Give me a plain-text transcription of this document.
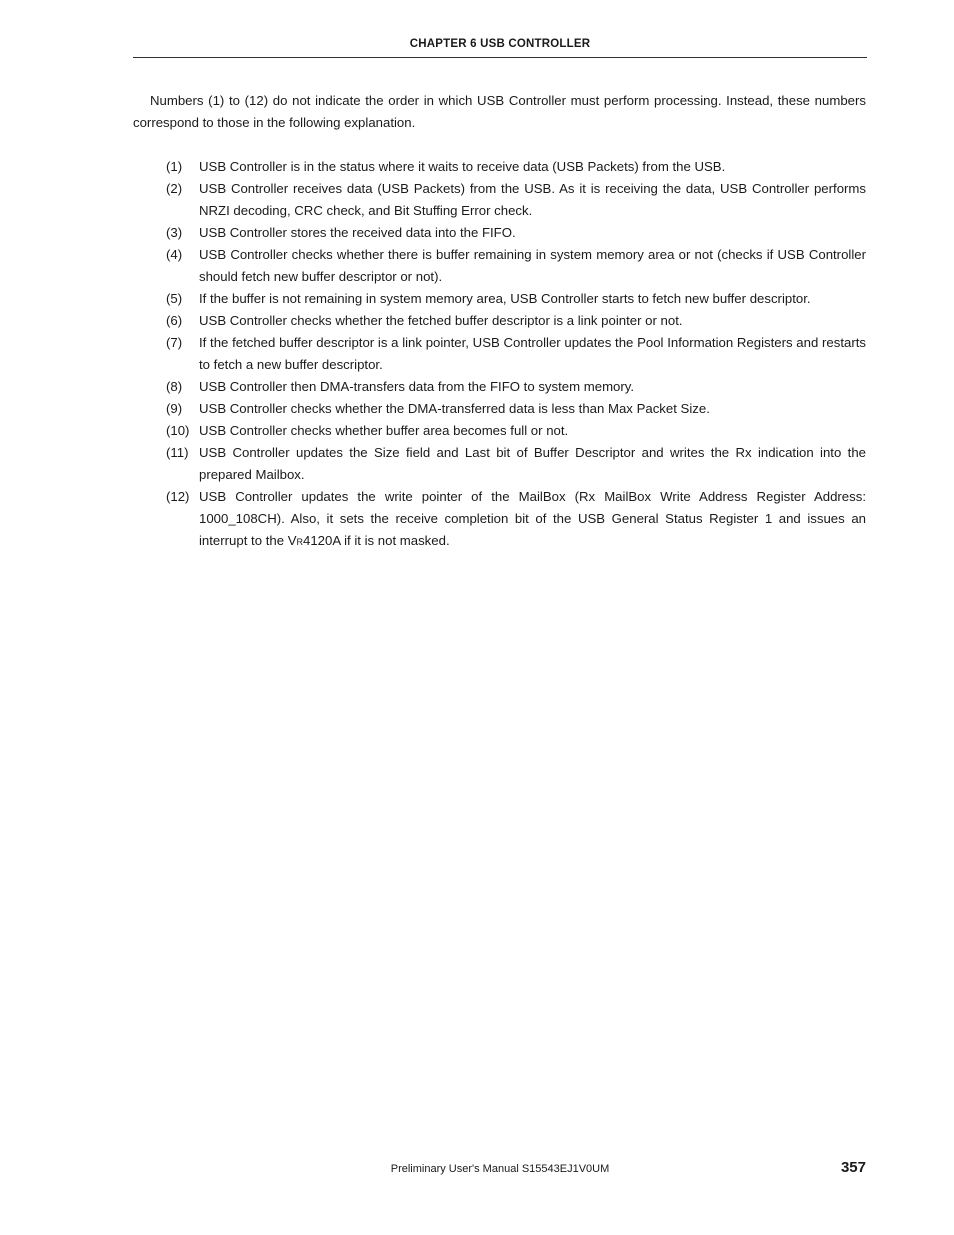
CHAPTER 6 USB CONTROLLER

Numbers (1) to (12) do not indicate the order in which USB Controller must perform processing. Instead, these numbers correspond to those in the following explanation.

(1)	USB Controller is in the status where it waits to receive data (USB Packets) from the USB.
(2)	USB Controller receives data (USB Packets) from the USB. As it is receiving the data, USB Controller performs NRZI decoding, CRC check, and Bit Stuffing Error check.
(3)	USB Controller stores the received data into the FIFO.
(4)	USB Controller checks whether there is buffer remaining in system memory area or not (checks if USB Controller should fetch new buffer descriptor or not).
(5)	If the buffer is not remaining in system memory area, USB Controller starts to fetch new buffer descriptor.
(6)	USB Controller checks whether the fetched buffer descriptor is a link pointer or not.
(7)	If the fetched buffer descriptor is a link pointer, USB Controller updates the Pool Information Registers and restarts to fetch a new buffer descriptor.
(8)	USB Controller then DMA-transfers data from the FIFO to system memory.
(9)	USB Controller checks whether the DMA-transferred data is less than Max Packet Size.
(10) USB Controller checks whether buffer area becomes full or not.
(11) USB Controller updates the Size field and Last bit of Buffer Descriptor and writes the Rx indication into the prepared Mailbox.
(12) USB Controller updates the write pointer of the MailBox (Rx MailBox Write Address Register Address: 1000_108CH). Also, it sets the receive completion bit of the USB General Status Register 1 and issues an interrupt to the VR4120A if it is not masked.
Preliminary User's Manual S15543EJ1V0UM	357
